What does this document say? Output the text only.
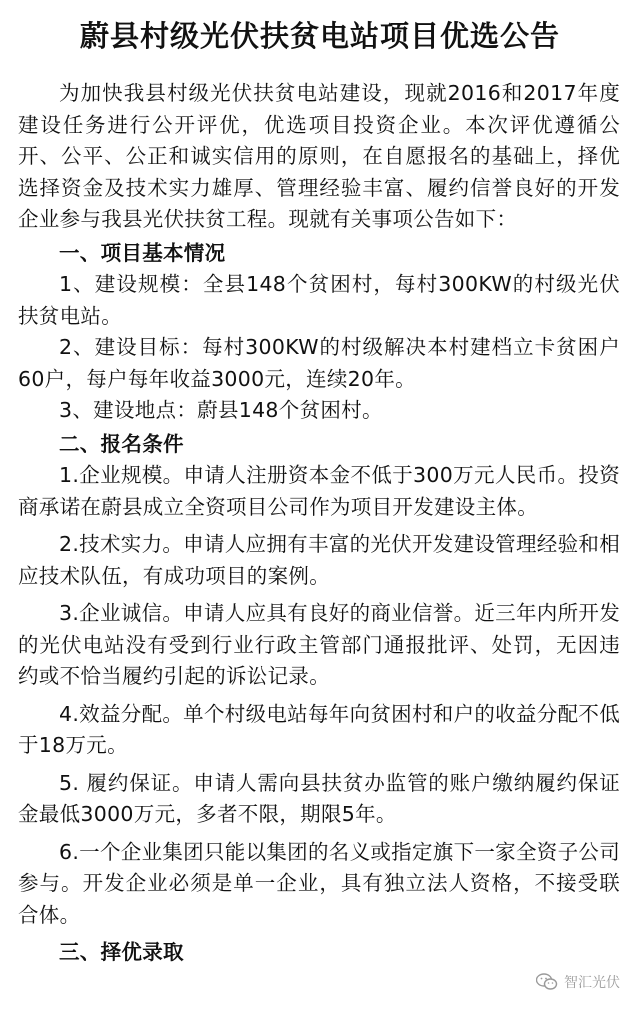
蔚县村级光伏扶贫电站项目优选公告

为加快我县村级光伏扶贫电站建设，现就2016和2017年度建设任务进行公开评优，优选项目投资企业。本次评优遵循公开、公平、公正和诚实信用的原则，在自愿报名的基础上，择优选择资金及技术实力雄厚、管理经验丰富、履约信誉良好的开发企业参与我县光伏扶贫工程。现就有关事项公告如下：

一、项目基本情况

1、建设规模：全县148个贫困村，每村300KW的村级光伏扶贫电站。

2、建设目标：每村300KW的村级解决本村建档立卡贫困户60户，每户每年收益3000元，连续20年。

3、建设地点：蔚县148个贫困村。

二、报名条件

1.企业规模。申请人注册资本金不低于300万元人民币。投资商承诺在蔚县成立全资项目公司作为项目开发建设主体。

2.技术实力。申请人应拥有丰富的光伏开发建设管理经验和相应技术队伍，有成功项目的案例。

3.企业诚信。申请人应具有良好的商业信誉。近三年内所开发的光伏电站没有受到行业行政主管部门通报批评、处罚，无因违约或不恰当履约引起的诉讼记录。

4.效益分配。单个村级电站每年向贫困村和户的收益分配不低于18万元。

5. 履约保证。申请人需向县扶贫办监管的账户缴纳履约保证金最低3000万元，多者不限，期限5年。

6.一个企业集团只能以集团的名义或指定旗下一家全资子公司参与。开发企业必须是单一企业，具有独立法人资格，不接受联合体。

三、择优录取

智汇光伏
